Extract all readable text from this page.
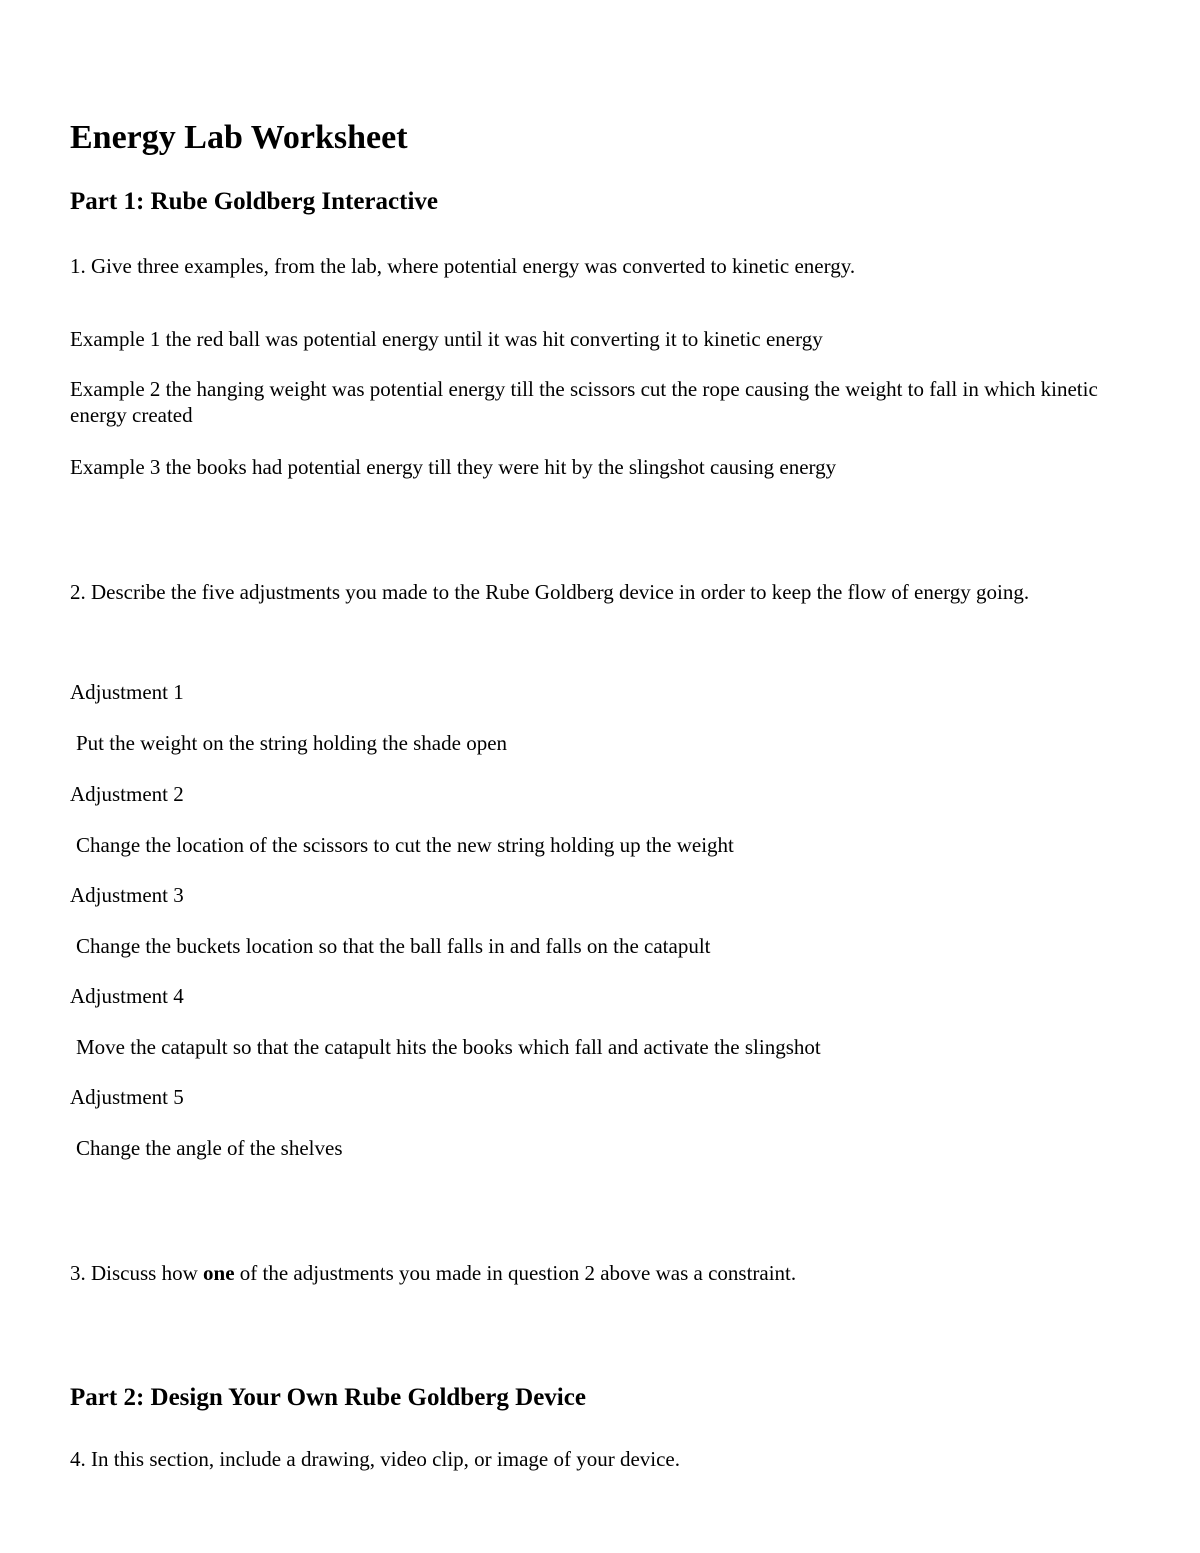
Energy Lab Worksheet
Part 1: Rube Goldberg Interactive

1. Give three examples, from the lab, where potential energy was converted to kinetic energy.

Example 1 the red ball was potential energy until it was hit converting it to kinetic energy

Example 2 the hanging weight was potential energy till the scissors cut the rope causing the weight to fall in which kinetic energy created

Example 3 the books had potential energy till they were hit by the slingshot causing energy

2. Describe the five adjustments you made to the Rube Goldberg device in order to keep the flow of energy going.

Adjustment 1

Put the weight on the string holding the shade open

Adjustment 2

Change the location of the scissors to cut the new string holding up the weight

Adjustment 3

Change the buckets location so that the ball falls in and falls on the catapult

Adjustment 4

Move the catapult so that the catapult hits the books which fall and activate the slingshot

Adjustment 5

Change the angle of the shelves

3. Discuss how one of the adjustments you made in question 2 above was a constraint.

Part 2: Design Your Own Rube Goldberg Device

4. In this section, include a drawing, video clip, or image of your device.
